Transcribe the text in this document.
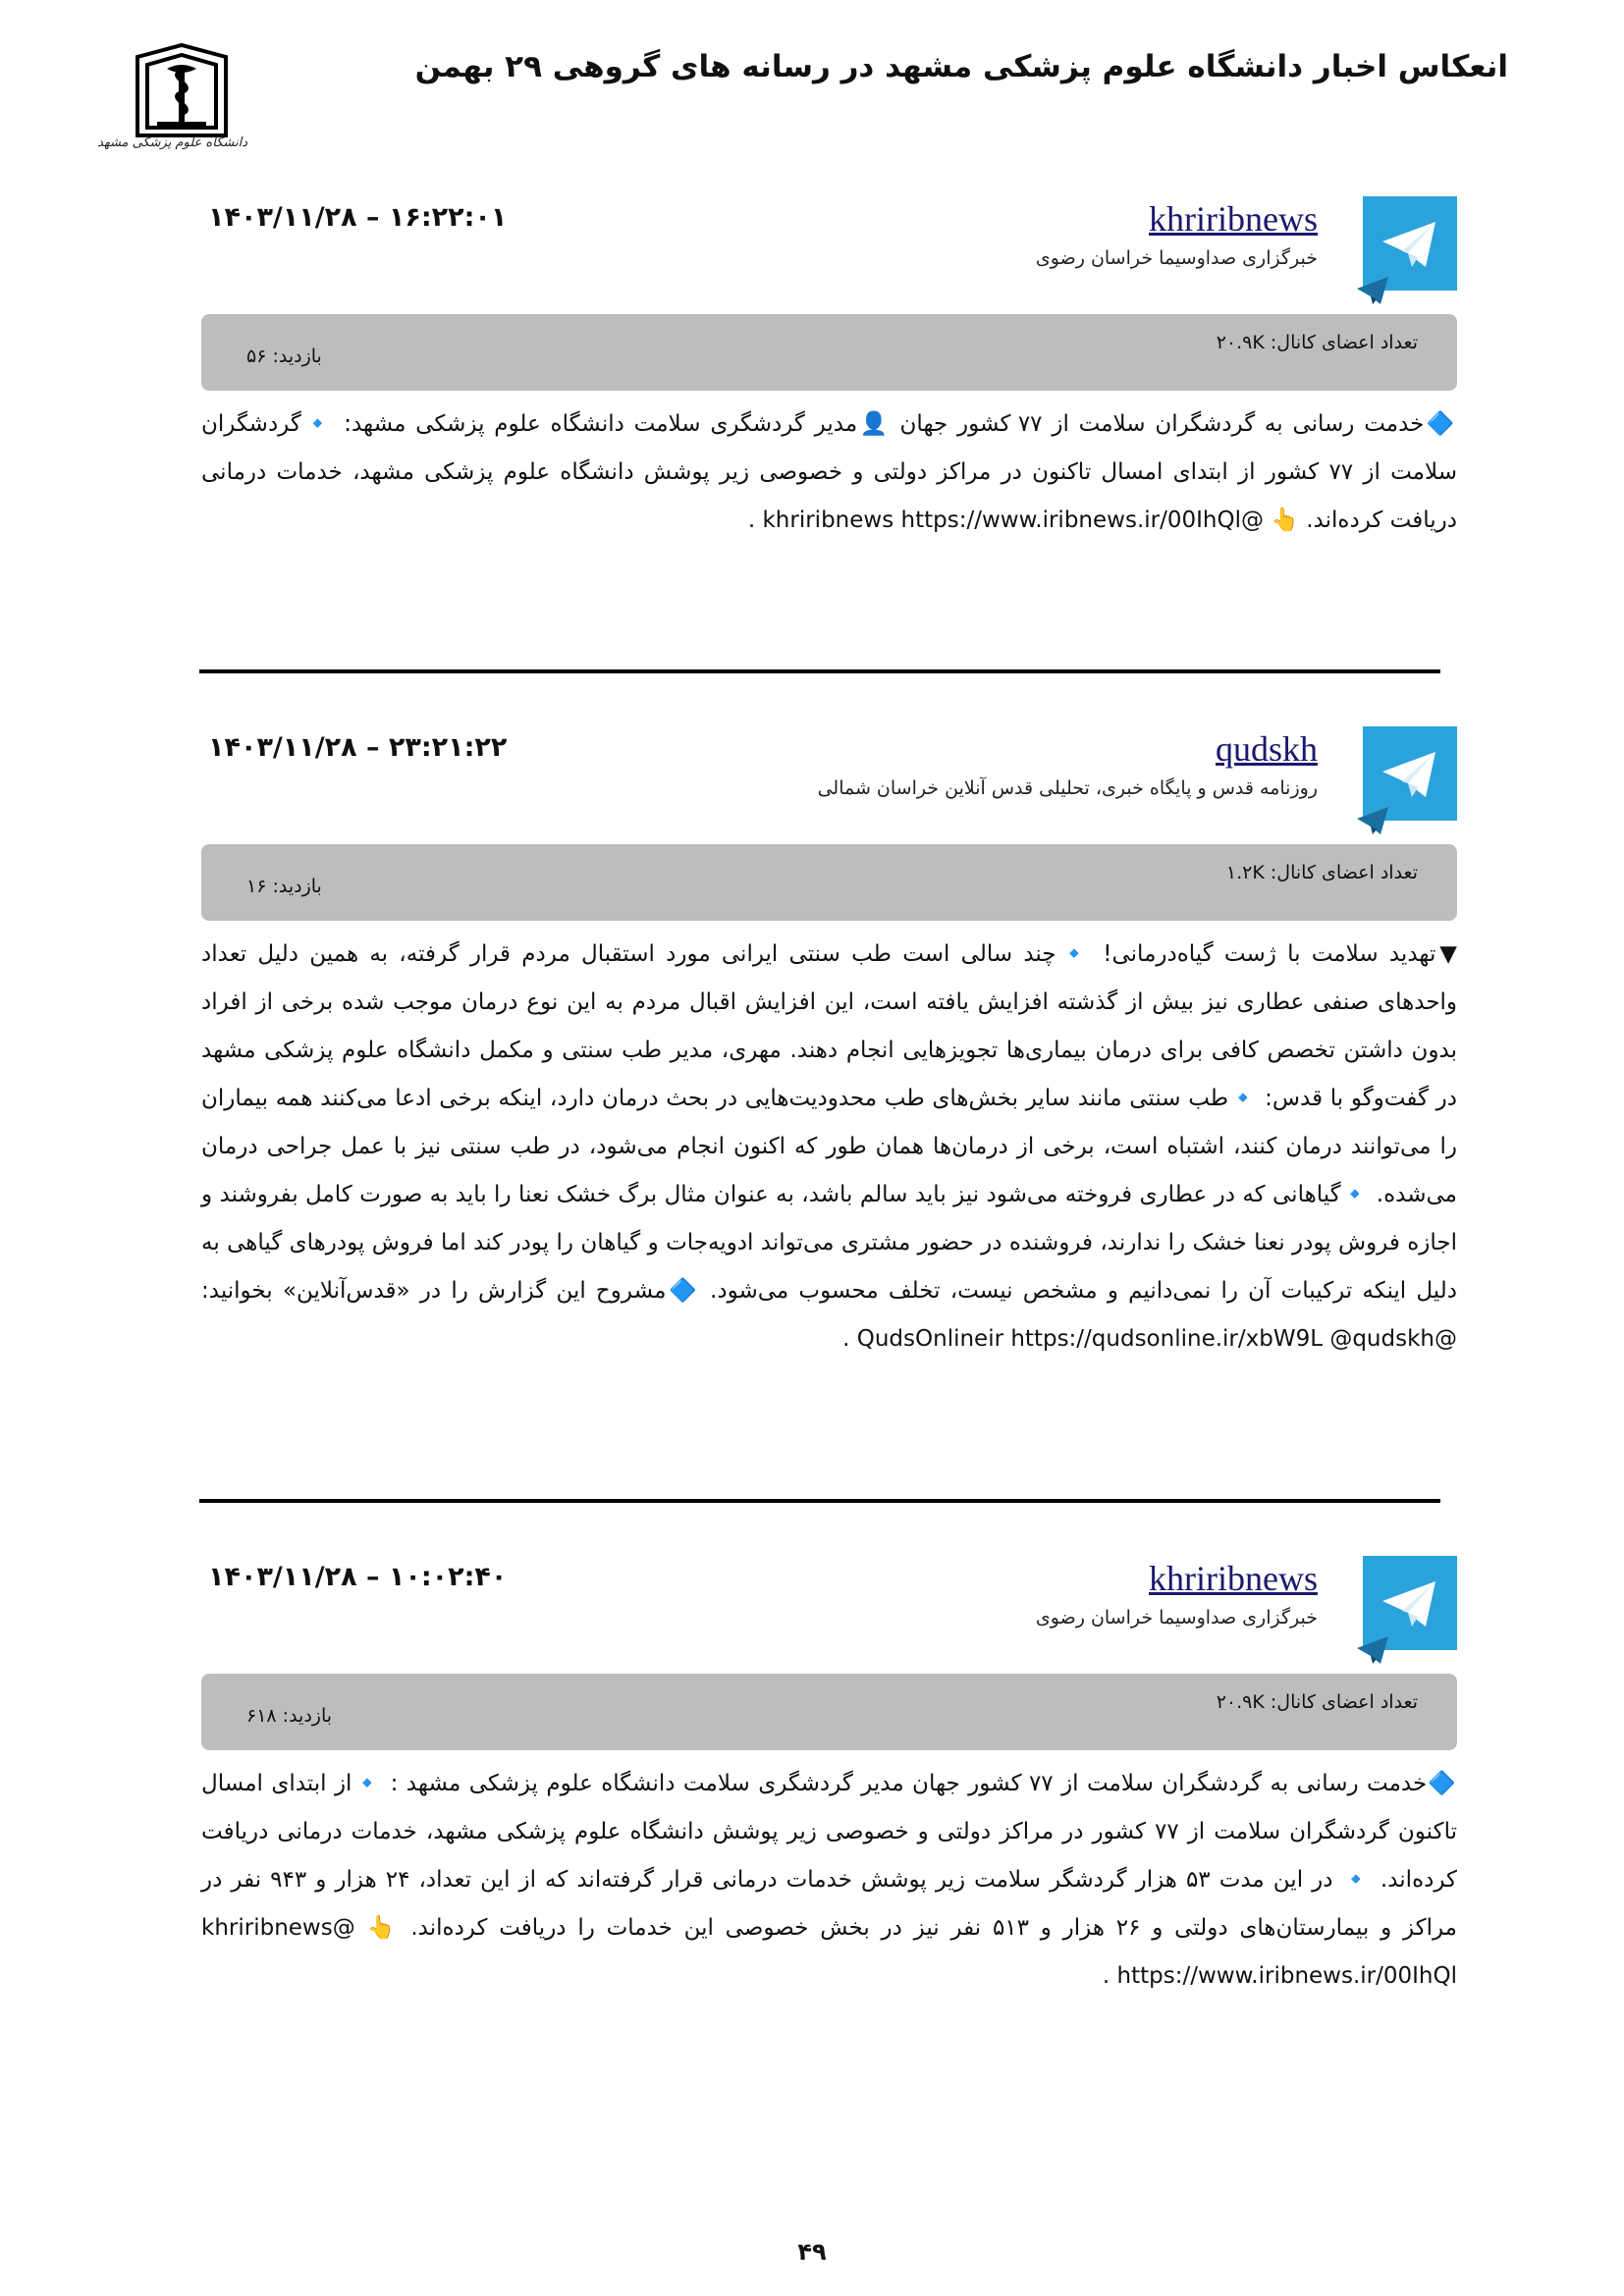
انعکاس اخبار دانشگاه علوم پزشکی مشهد در رسانه های گروهی ۲۹ بهمن
دانشگاه علوم پزشکی مشهد
khriribnews
خبرگزاری صداوسیما خراسان رضوی
۱۴۰۳/۱۱/۲۸ – ۱۶:۲۲:۰۱
تعداد اعضای کانال: ۲۰.۹K
بازدید: ۵۶
🔷خدمت رسانی به گردشگران سلامت از ۷۷ کشور جهان 👤مدیر گردشگری سلامت دانشگاه علوم پزشکی مشهد: 🔹گردشگران سلامت از ۷۷ کشور از ابتدای امسال تاکنون در مراکز دولتی و خصوصی زیر پوشش دانشگاه علوم پزشکی مشهد، خدمات درمانی دریافت کرده‌اند. 👆 @khriribnews https://www.iribnews.ir/00IhQl .
qudskh
روزنامه قدس و پایگاه خبری، تحلیلی قدس آنلاین خراسان شمالی
۱۴۰۳/۱۱/۲۸ – ۲۳:۲۱:۲۲
تعداد اعضای کانال: ۱.۲K
بازدید: ۱۶
▼تهدید سلامت با ژست گیاه‌درمانی! 🔹چند سالی است طب سنتی ایرانی مورد استقبال مردم قرار گرفته، به همین دلیل تعداد واحدهای صنفی عطاری نیز بیش از گذشته افزایش یافته است، این افزایش اقبال مردم به این نوع درمان موجب شده برخی از افراد بدون داشتن تخصص کافی برای درمان بیماری‌ها تجویزهایی انجام دهند. مهری، مدیر طب سنتی و مکمل دانشگاه علوم پزشکی مشهد در گفت‌وگو با قدس: 🔹طب سنتی مانند سایر بخش‌های طب محدودیت‌هایی در بحث درمان دارد، اینکه برخی ادعا می‌کنند همه بیماران را می‌توانند درمان کنند، اشتباه است، برخی از درمان‌ها همان طور که اکنون انجام می‌شود، در طب سنتی نیز با عمل جراحی درمان می‌شده. 🔹گیاهانی که در عطاری فروخته می‌شود نیز باید سالم باشد، به عنوان مثال برگ خشک نعنا را باید به صورت کامل بفروشند و اجازه فروش پودر نعنا خشک را ندارند، فروشنده در حضور مشتری می‌تواند ادویه‌جات و گیاهان را پودر کند اما فروش پودرهای گیاهی به دلیل اینکه ترکیبات آن را نمی‌دانیم و مشخص نیست، تخلف محسوب می‌شود. 🔷مشروح این گزارش را در «قدس‌آنلاین» بخوانید: @QudsOnlineir https://qudsonline.ir/xbW9L @qudskh .
khriribnews
خبرگزاری صداوسیما خراسان رضوی
۱۴۰۳/۱۱/۲۸ – ۱۰:۰۲:۴۰
تعداد اعضای کانال: ۲۰.۹K
بازدید: ۶۱۸
🔷خدمت رسانی به گردشگران سلامت از ۷۷ کشور جهان مدیر گردشگری سلامت دانشگاه علوم پزشکی مشهد : 🔹از ابتدای امسال تاکنون گردشگران سلامت از ۷۷ کشور در مراکز دولتی و خصوصی زیر پوشش دانشگاه علوم پزشکی مشهد، خدمات درمانی دریافت کرده‌اند. 🔹 در این مدت ۵۳ هزار گردشگر سلامت زیر پوشش خدمات درمانی قرار گرفته‌اند که از این تعداد، ۲۴ هزار و ۹۴۳ نفر در مراکز و بیمارستان‌های دولتی و ۲۶ هزار و ۵۱۳ نفر نیز در بخش خصوصی این خدمات را دریافت کرده‌اند. 👆 @khriribnews https://www.iribnews.ir/00IhQl .
۴۹
